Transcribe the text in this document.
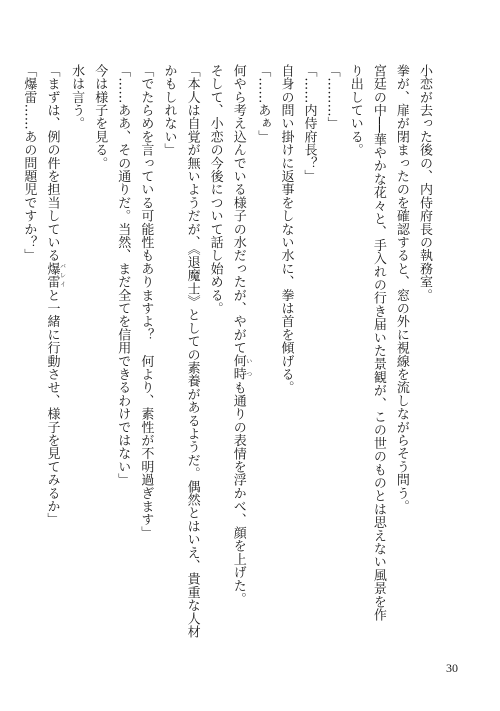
小恋が去った後の、内侍府長の執務室。
拳が、扉が閉まったのを確認すると、窓の外に視線を流しながらそう問う。
宮廷の中──華やかな花々と、手入れの行き届いた景観が、この世のものとは思えない風景を作
り出している。
「………」
「……内侍府長？」
自身の問い掛けに返事をしない水に、拳は首を傾げる。
「……あぁ」
何やら考え込んでいる様子の水だったが、やがて何時 いつも通りの表情を浮かべ、顔を上げた。
そして、小恋の今後について話し始める。
「本人は自覚が無いようだが、《退魔士》としての素養があるようだ。偶然とはいえ、貴重な人材
かもしれない」
「でたらめを言っている可能性もありますよ？　何より、素性が不明過ぎます」
「……ああ、その通りだ。当然、まだ全てを信用できるわけではない」
今は様子を見る。
水は言う。
「まずは、例の件を担当している爆雷 バレイと一緒に行動させ、様子を見てみるか」
「爆雷……あの問題児ですか？」
30
